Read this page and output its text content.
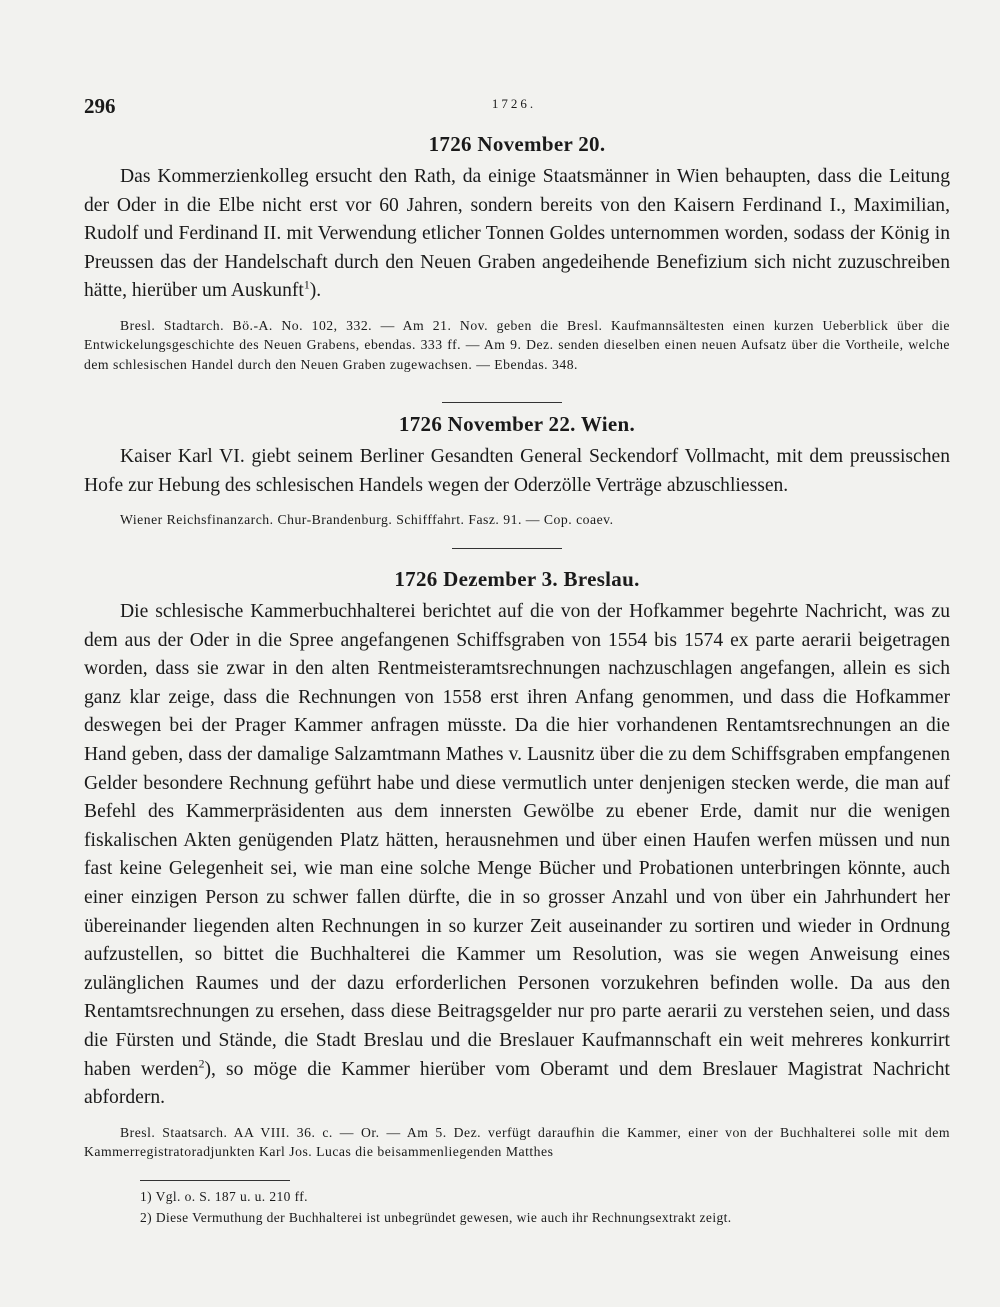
296	1726.
1726 November 20.

Das Kommerzienkolleg ersucht den Rath, da einige Staatsmänner in Wien behaupten, dass die Leitung der Oder in die Elbe nicht erst vor 60 Jahren, sondern bereits von den Kaisern Ferdinand I., Maximilian, Rudolf und Ferdinand II. mit Verwendung etlicher Tonnen Goldes unternommen worden, sodass der König in Preussen das der Handelschaft durch den Neuen Graben angedeihende Benefizium sich nicht zuzuschreiben hätte, hierüber um Auskunft$^1$).

Bresl. Stadtarch. Bö.-A. No. 102, 332. — Am 21. Nov. geben die Bresl. Kaufmannsältesten einen kurzen Ueberblick über die Entwickelungsgeschichte des Neuen Grabens, ebendas. 333 ff. — Am 9. Dez. senden dieselben einen neuen Aufsatz über die Vortheile, welche dem schlesischen Handel durch den Neuen Graben zugewachsen. — Ebendas. 348.

1726 November 22. Wien.

Kaiser Karl VI. giebt seinem Berliner Gesandten General Seckendorf Vollmacht, mit dem preussischen Hofe zur Hebung des schlesischen Handels wegen der Oderzölle Verträge abzuschliessen.

Wiener Reichsfinanzarch. Chur-Brandenburg. Schifffahrt. Fasz. 91. — Cop. coaev.

1726 Dezember 3. Breslau.

Die schlesische Kammerbuchhalterei berichtet auf die von der Hofkammer begehrte Nachricht, was zu dem aus der Oder in die Spree angefangenen Schiffsgraben von 1554 bis 1574 ex parte aerarii beigetragen worden, dass sie zwar in den alten Rentmeisteramtsrechnungen nachzuschlagen angefangen, allein es sich ganz klar zeige, dass die Rechnungen von 1558 erst ihren Anfang genommen, und dass die Hofkammer deswegen bei der Prager Kammer anfragen müsste. Da die hier vorhandenen Rentamtsrechnungen an die Hand geben, dass der damalige Salzamtmann Mathes v. Lausnitz über die zu dem Schiffsgraben empfangenen Gelder besondere Rechnung geführt habe und diese vermutlich unter denjenigen stecken werde, die man auf Befehl des Kammerpräsidenten aus dem innersten Gewölbe zu ebener Erde, damit nur die wenigen fiskalischen Akten genügenden Platz hätten, herausnehmen und über einen Haufen werfen müssen und nun fast keine Gelegenheit sei, wie man eine solche Menge Bücher und Probationen unterbringen könnte, auch einer einzigen Person zu schwer fallen dürfte, die in so grosser Anzahl und von über ein Jahrhundert her übereinander liegenden alten Rechnungen in so kurzer Zeit auseinander zu sortiren und wieder in Ordnung aufzustellen, so bittet die Buchhalterei die Kammer um Resolution, was sie wegen Anweisung eines zulänglichen Raumes und der dazu erforderlichen Personen vorzukehren befinden wolle. Da aus den Rentamtsrechnungen zu ersehen, dass diese Beitragsgelder nur pro parte aerarii zu verstehen seien, und dass die Fürsten und Stände, die Stadt Breslau und die Breslauer Kaufmannschaft ein weit mehreres konkurrirt haben werden$^2$), so möge die Kammer hierüber vom Oberamt und dem Breslauer Magistrat Nachricht abfordern.

Bresl. Staatsarch. AA VIII. 36. c. — Or. — Am 5. Dez. verfügt daraufhin die Kammer, einer von der Buchhalterei solle mit dem Kammerregistratoradjunkten Karl Jos. Lucas die beisammenliegenden Matthes

1) Vgl. o. S. 187 u. u. 210 ff.

2) Diese Vermuthung der Buchhalterei ist unbegründet gewesen, wie auch ihr Rechnungsextrakt zeigt.
